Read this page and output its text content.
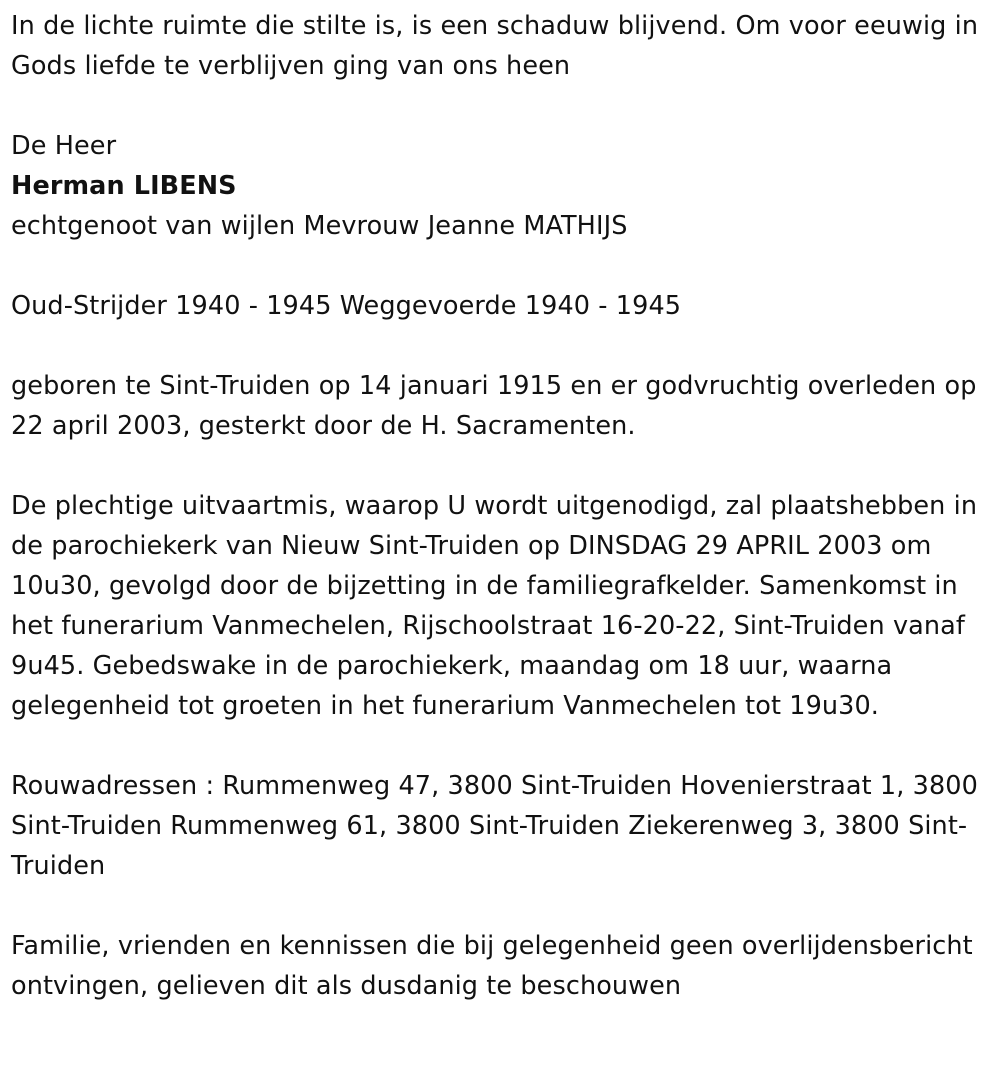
In de lichte ruimte die stilte is, is een schaduw blijvend. Om voor eeuwig in Gods liefde te verblijven ging van ons heen

De Heer

Herman LIBENS

echtgenoot van wijlen Mevrouw Jeanne MATHIJS

Oud-Strijder 1940 - 1945 Weggevoerde 1940 - 1945

geboren te Sint-Truiden op 14 januari 1915 en er godvruchtig overleden op 22 april 2003, gesterkt door de H. Sacramenten.

De plechtige uitvaartmis, waarop U wordt uitgenodigd, zal plaatshebben in de parochiekerk van Nieuw Sint-Truiden op DINSDAG 29 APRIL 2003 om 10u30, gevolgd door de bijzetting in de familiegrafkelder. Samenkomst in het funerarium Vanmechelen, Rijschoolstraat 16-20-22, Sint-Truiden vanaf 9u45. Gebedswake in de parochiekerk, maandag om 18 uur, waarna gelegenheid tot groeten in het funerarium Vanmechelen tot 19u30.

Rouwadressen : Rummenweg 47, 3800 Sint-Truiden Hovenierstraat 1, 3800 Sint-Truiden Rummenweg 61, 3800 Sint-Truiden Ziekerenweg 3, 3800 Sint-Truiden

Familie, vrienden en kennissen die bij gelegenheid geen overlijdensbericht ontvingen, gelieven dit als dusdanig te beschouwen
